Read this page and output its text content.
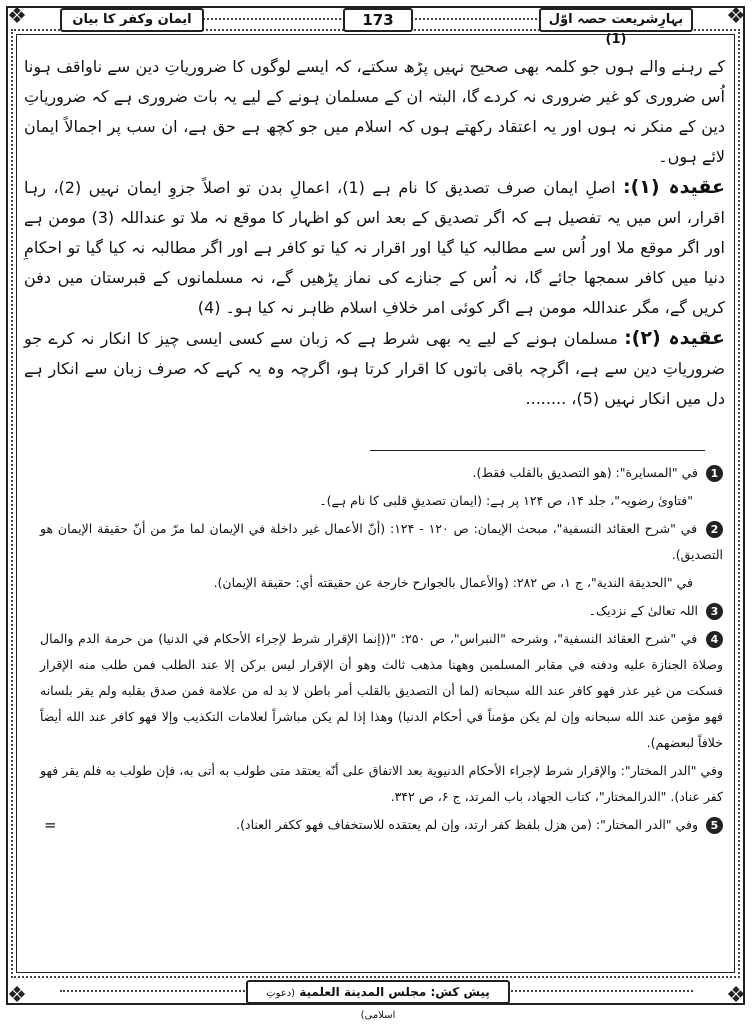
❖	❖
❖	❖
بہارِشریعت حصہ اوّل (1)
173
ایمان وکفر کا بیان

کے رہنے والے ہوں جو کلمہ بھی صحیح نہیں پڑھ سکتے، کہ ایسے لوگوں کا ضروریاتِ دین سے ناواقف ہونا اُس ضروری کو غیر ضروری نہ کردے گا، البتہ ان کے مسلمان ہونے کے لیے یہ بات ضروری ہے کہ ضروریاتِ دین کے منکر نہ ہوں اور یہ اعتقاد رکھتے ہوں کہ اسلام میں جو کچھ ہے حق ہے، ان سب پر اجمالاً ایمان لائے ہوں۔

عقیدہ (۱): اصلِ ایمان صرف تصدیق کا نام ہے (1)، اعمالِ بدن تو اصلاً جزوِ ایمان نہیں (2)، رہا اقرار، اس میں یہ تفصیل ہے کہ اگر تصدیق کے بعد اس کو اظہار کا موقع نہ ملا تو عنداللہ (3) مومن ہے اور اگر موقع ملا اور اُس سے مطالبہ کیا گیا اور اقرار نہ کیا تو کافر ہے اور اگر مطالبہ نہ کیا گیا تو احکامِ دنیا میں کافر سمجھا جائے گا، نہ اُس کے جنازے کی نماز پڑھیں گے، نہ مسلمانوں کے قبرستان میں دفن کریں گے، مگر عنداللہ مومن ہے اگر کوئی امر خلافِ اسلام ظاہر نہ کیا ہو۔ (4)

عقیدہ (۲): مسلمان ہونے کے لیے یہ بھی شرط ہے کہ زبان سے کسی ایسی چیز کا انکار نہ کرے جو ضروریاتِ دین سے ہے، اگرچہ باقی باتوں کا اقرار کرتا ہو، اگرچہ وہ یہ کہے کہ صرف زبان سے انکار ہے دل میں انکار نہیں (5)، ........

1 في "المسايرة": (هو التصديق بالقلب فقط).
"فتاویٰ رضویہ"، جلد ۱۴، ص ۱۲۴ پر ہے: (ایمان تصدیقِ قلبی کا نام ہے)۔
2 في "شرح العقائد النسفية"، مبحث الإيمان: ص ۱۲۰ - ۱۲۴: (أنّ الأعمال غير داخلة في الإيمان لما مرّ من أنّ حقيقة الإيمان هو التصديق).
في "الحديقة الندية"، ج ۱، ص ۲۸۲: (والأعمال بالجوارح خارجة عن حقيقته أي: حقيقة الإيمان).
3 اللہ تعالیٰ کے نزدیک۔
4 في "شرح العقائد النسفية"، وشرحه "النبراس"، ص ۲۵۰: "((إنما الإقرار شرط لإجراء الأحكام في الدنيا) من حرمة الدم والمال وصلاة الجنازة عليه ودفنه في مقابر المسلمين وههنا مذهب ثالث وهو أن الإقرار ليس بركن إلا عند الطلب فمن طلب منه الإقرار فسكت من غير عذر فهو كافر عند الله سبحانه (لما أن التصديق بالقلب أمر باطن لا بد له من علامة فمن صدق بقلبه ولم يقر بلسانه فهو مؤمن عند الله سبحانه وإن لم يكن مؤمناً في أحكام الدنيا) وهذا إذا لم يكن مباشراً لعلامات التكذيب وإلا فهو كافر عند الله أيضاً خلافاً لبعضهم).
وفي "الدر المختار": والإقرار شرط لإجراء الأحكام الدنيوية بعد الاتفاق على أنّه يعتقد متى طولب به أتى به، فإن طولب به فلم يقر فهو كفر عناد). "الدرالمختار"، كتاب الجهاد، باب المرتد، ج ۶، ص ۳۴۲.
5 وفي "الدر المختار": (من هزل بلفظ كفر ارتد، وإن لم يعتقده للاستخفاف فهو ككفر العناد).
=
پیش کش: مجلس المدينة العلمية (دعوتِ اسلامی)
